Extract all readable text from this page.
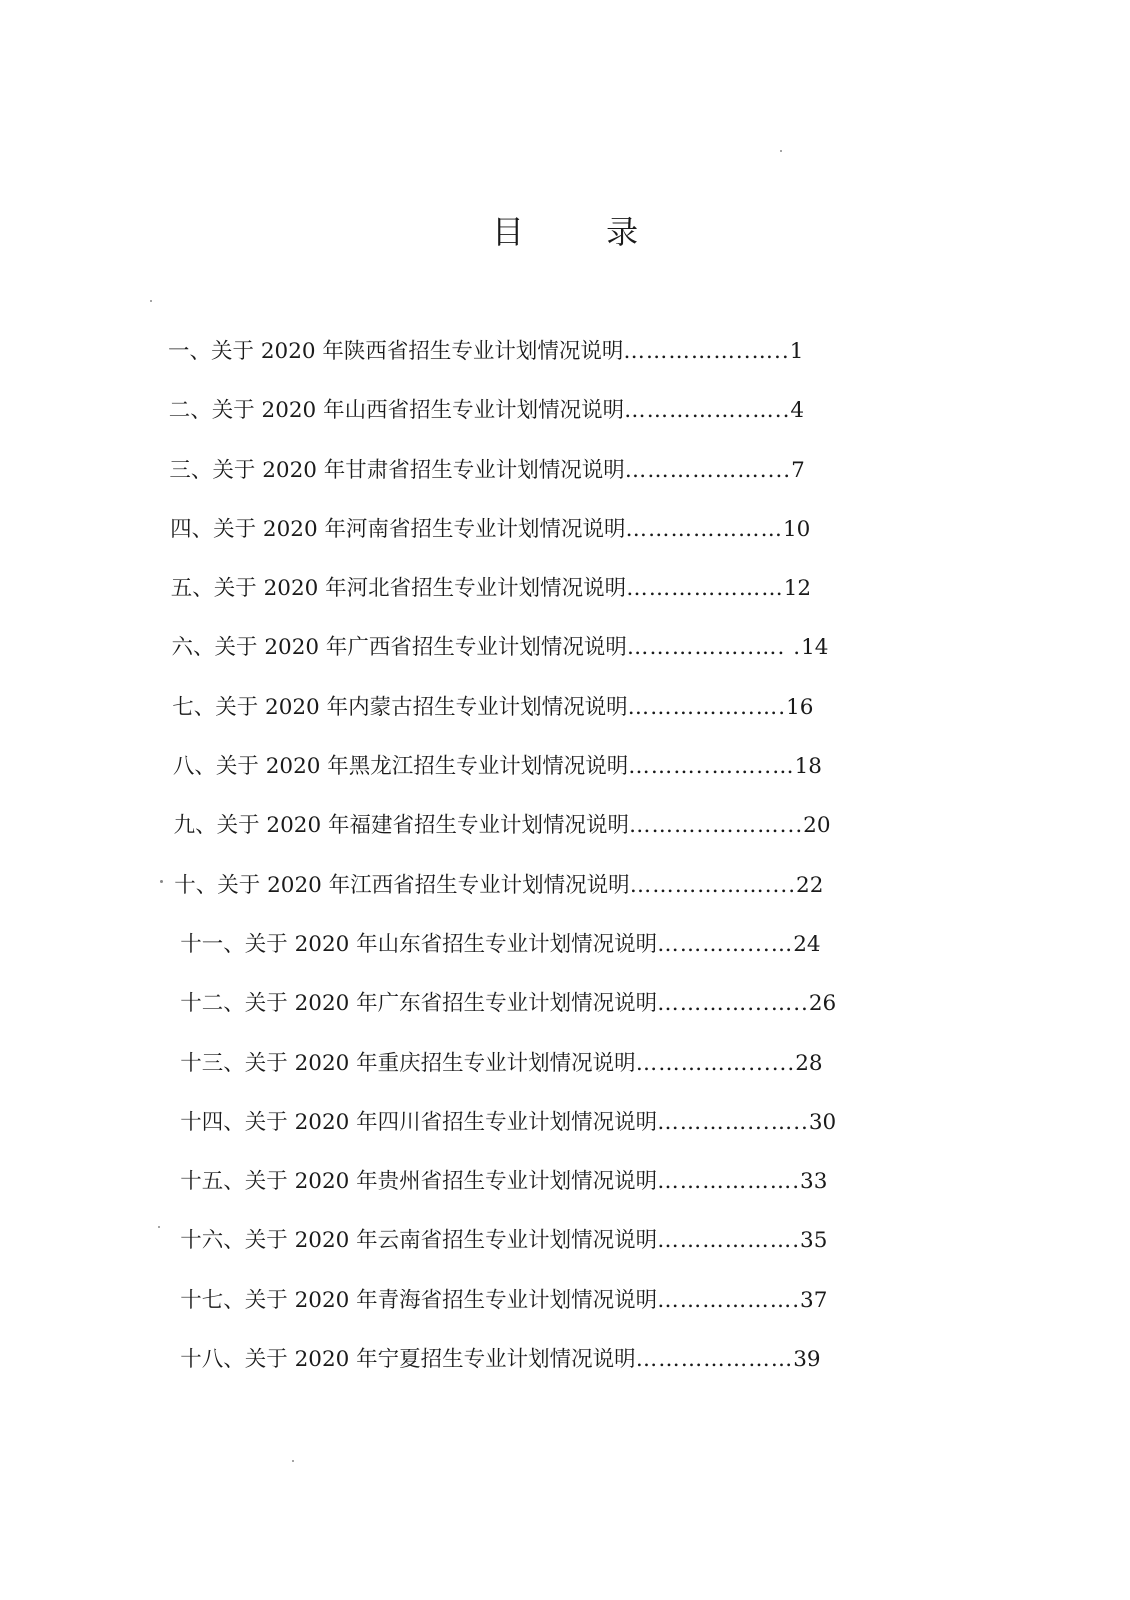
目 录
一、关于 2020 年陕西省招生专业计划情况说明……………..…..1
二、关于 2020 年山西省招生专业计划情况说明……………..…..4
三、关于 2020 年甘肃省招生专业计划情况说明………………....7
四、关于 2020 年河南省招生专业计划情况说明…………………10
五、关于 2020 年河北省招生专业计划情况说明…………………12
六、关于 2020 年广西省招生专业计划情况说明……………..…. .14
七、关于 2020 年内蒙古招生专业计划情况说明……………..….16
八、关于 2020 年黑龙江招生专业计划情况说明………..……..…18
九、关于 2020 年福建省招生专业计划情况说明………..………...20
十、关于 2020 年江西省招生专业计划情况说明………………....22
十一、关于 2020 年山东省招生专业计划情况说明…………...…24
十二、关于 2020 年广东省招生专业计划情况说明…………...…..26
十三、关于 2020 年重庆招生专业计划情况说明……………......28
十四、关于 2020 年四川省招生专业计划情况说明…………...…..30
十五、关于 2020 年贵州省招生专业计划情况说明……………….33
十六、关于 2020 年云南省招生专业计划情况说明……………….35
十七、关于 2020 年青海省招生专业计划情况说明……………….37
十八、关于 2020 年宁夏招生专业计划情况说明…………………39
